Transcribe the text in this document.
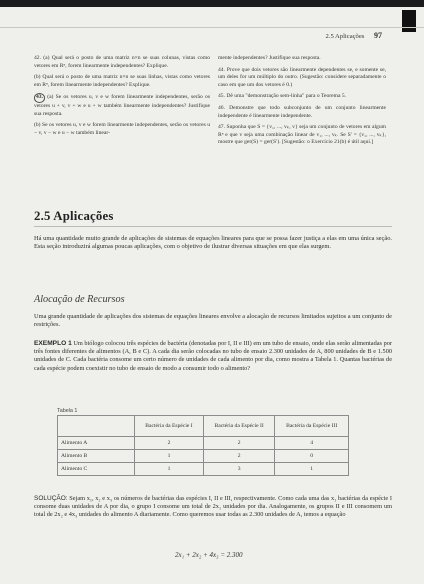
2.5 Aplicações 97

42. (a) Qual será o posto de uma matriz n×n se suas colunas, vistas como vetores em Rⁿ, forem linearmente independentes? Explique.

(b) Qual será o posto de uma matriz n×n se suas linhas, vistas como vetores em Rⁿ, forem linearmente independentes? Explique.

43. (a) Se os vetores u, v e w forem linearmente independentes, serão os vetores u + v, v + w e u + w também linearmente independentes? Justifique sua resposta.

(b) Se os vetores u, v e w forem linearmente independentes, serão os vetores u − v, v − w e u − w também linear-

mente independentes? Justifique sua resposta.

44. Prove que dois vetores são linearmente dependentes se, e somente se, um deles for um múltiplo do outro. (Sugestão: considere separadamente o caso em que um dos vetores é 0.)

45. Dê uma "demonstração sem-linha" para o Teorema 5.

46. Demonstre que todo subconjunto de um conjunto linearmente independente é linearmente independente.

47. Suponha que S = {v₁, ..., vₖ, v} seja um conjunto de vetores em algum Rⁿ e que v seja uma combinação linear de v₁, ..., vₖ. Se S′ = {v₁, ..., vₖ}, mostre que ger(S) = ger(S′). [Sugestão: o Exercício 21(b) é útil aqui.]

2.5 Aplicações
Há uma quantidade muito grande de aplicações de sistemas de equações lineares para que se possa fazer justiça a elas em uma única seção. Esta seção introduzirá algumas poucas aplicações, com o objetivo de ilustrar diversas situações em que elas surgem.
Alocação de Recursos
Uma grande quantidade de aplicações dos sistemas de equações lineares envolve a alocação de recursos limitados sujeitos a um conjunto de restrições.
EXEMPLO 1 Um biólogo colocou três espécies de bactéria (denotadas por I, II e III) em um tubo de ensaio, onde elas serão alimentadas por três fontes diferentes de alimentos (A, B e C). A cada dia serão colocadas no tubo de ensaio 2.300 unidades de A, 800 unidades de B e 1.500 unidades de C. Cada bactéria consome um certo número de unidades de cada alimento por dia, como mostra a Tabela 1. Quantas bactérias de cada espécie podem coexistir no tubo de ensaio de modo a consumir todo o alimento?
Tabela 1
	Bactéria da Espécie I	Bactéria da Espécie II	Bactéria da Espécie III
Alimento A	2	2	4
Alimento B	1	2	0
Alimento C	1	3	1
SOLUÇÃO: Sejam x₁, x₂ e x₃ os números de bactérias das espécies I, II e III, respectivamente. Como cada uma das x₁ bactérias da espécie I consome duas unidades de A por dia, o grupo I consome um total de 2x₁ unidades por dia. Analogamente, os grupos II e III consomem um total de 2x₂ e 4x₃ unidades do alimento A diariamente. Como queremos usar todas as 2.300 unidades de A, temos a equação
2x₁ + 2x₂ + 4x₃ = 2.300
